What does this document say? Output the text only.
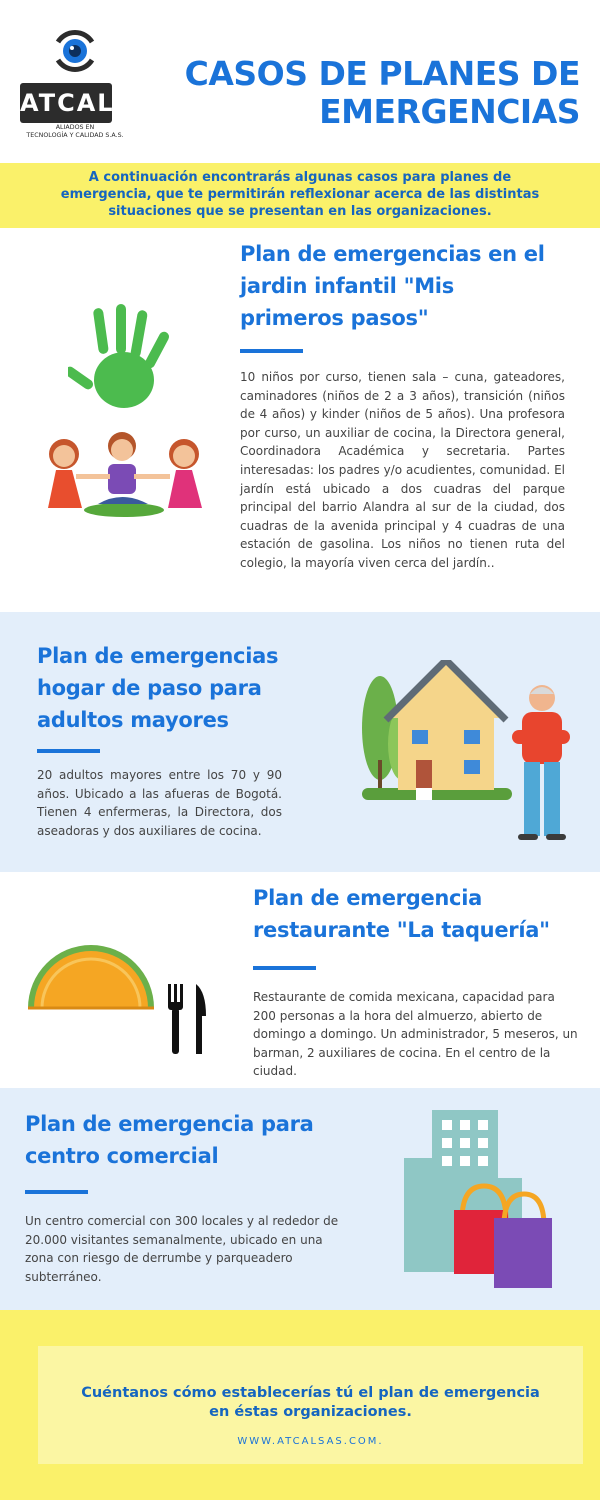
ATCAL
ALIADOS EN
TECNOLOGÍA Y CALIDAD S.A.S.
CASOS DE PLANES DE
EMERGENCIAS
A continuación encontrarás algunas casos para planes de
emergencia, que te permitirán reflexionar acerca de las distintas
situaciones que se presentan en las organizaciones.
Plan de emergencias en el
jardin infantil "Mis
primeros pasos"
10 niños por curso, tienen sala – cuna, gateadores, caminadores (niños de 2 a 3 años), transición (niños de 4 años) y kinder (niños de 5 años). Una profesora por curso, un auxiliar de cocina, la Directora general, Coordinadora Académica y secretaria. Partes interesadas: los padres y/o acudientes, comunidad. El jardín está ubicado a dos cuadras del parque principal del barrio Alandra al sur de la ciudad, dos cuadras de la avenida principal y 4 cuadras de una estación de gasolina. Los niños no tienen ruta del colegio, la mayoría viven cerca del jardín..
Plan de emergencias
hogar de paso para
adultos mayores
20 adultos mayores entre los 70 y 90 años. Ubicado a las afueras de Bogotá. Tienen 4 enfermeras, la Directora, dos aseadoras y dos auxiliares de cocina.
Plan de emergencia
restaurante "La taquería"
Restaurante de comida mexicana, capacidad para 200 personas a la hora del almuerzo, abierto de domingo a domingo. Un administrador, 5 meseros, un barman, 2 auxiliares de cocina. En el centro de la ciudad.
Plan de emergencia para
centro comercial
Un centro comercial con 300 locales y al rededor de 20.000 visitantes semanalmente, ubicado en una zona con riesgo de derrumbe y parqueadero subterráneo.
Cuéntanos cómo establecerías tú el plan de emergencia
en éstas organizaciones.
WWW.ATCALSAS.COM.
